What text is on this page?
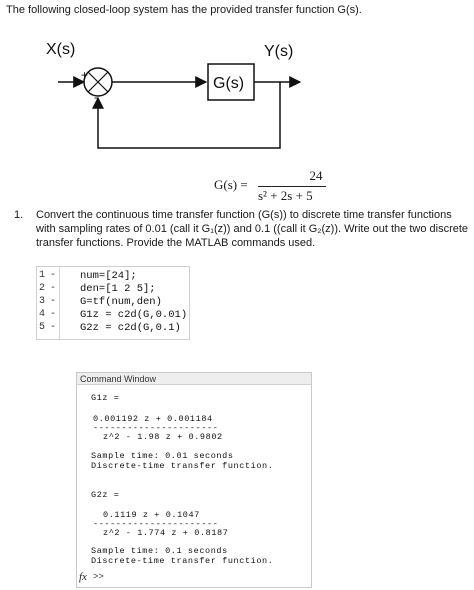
The following closed-loop system has the provided transfer function G(s).
X(s)	Y(s)
+
-
G(s)
G(s) =
24
s² + 2s + 5
1. Convert the continuous time transfer function (G(s)) to discrete time transfer functions with sampling rates of 0.01 (call it G₁(z)) and 0.1 ((call it G₂(z)). Write out the two discrete transfer functions. Provide the MATLAB commands used.
1 - num=[24];
2 - den=[1 2 5];
3 - G=tf(num,den)
4 - G1z = c2d(G,0.01)
5 - G2z = c2d(G,0.1)
Command Window
G1z =
0.001192 z + 0.001184
----------------------
z^2 - 1.98 z + 0.9802
Sample time: 0.01 seconds
Discrete-time transfer function.
G2z =
0.1119 z + 0.1047
----------------------
z^2 - 1.774 z + 0.8187
Sample time: 0.1 seconds
Discrete-time transfer function.
fx >>
